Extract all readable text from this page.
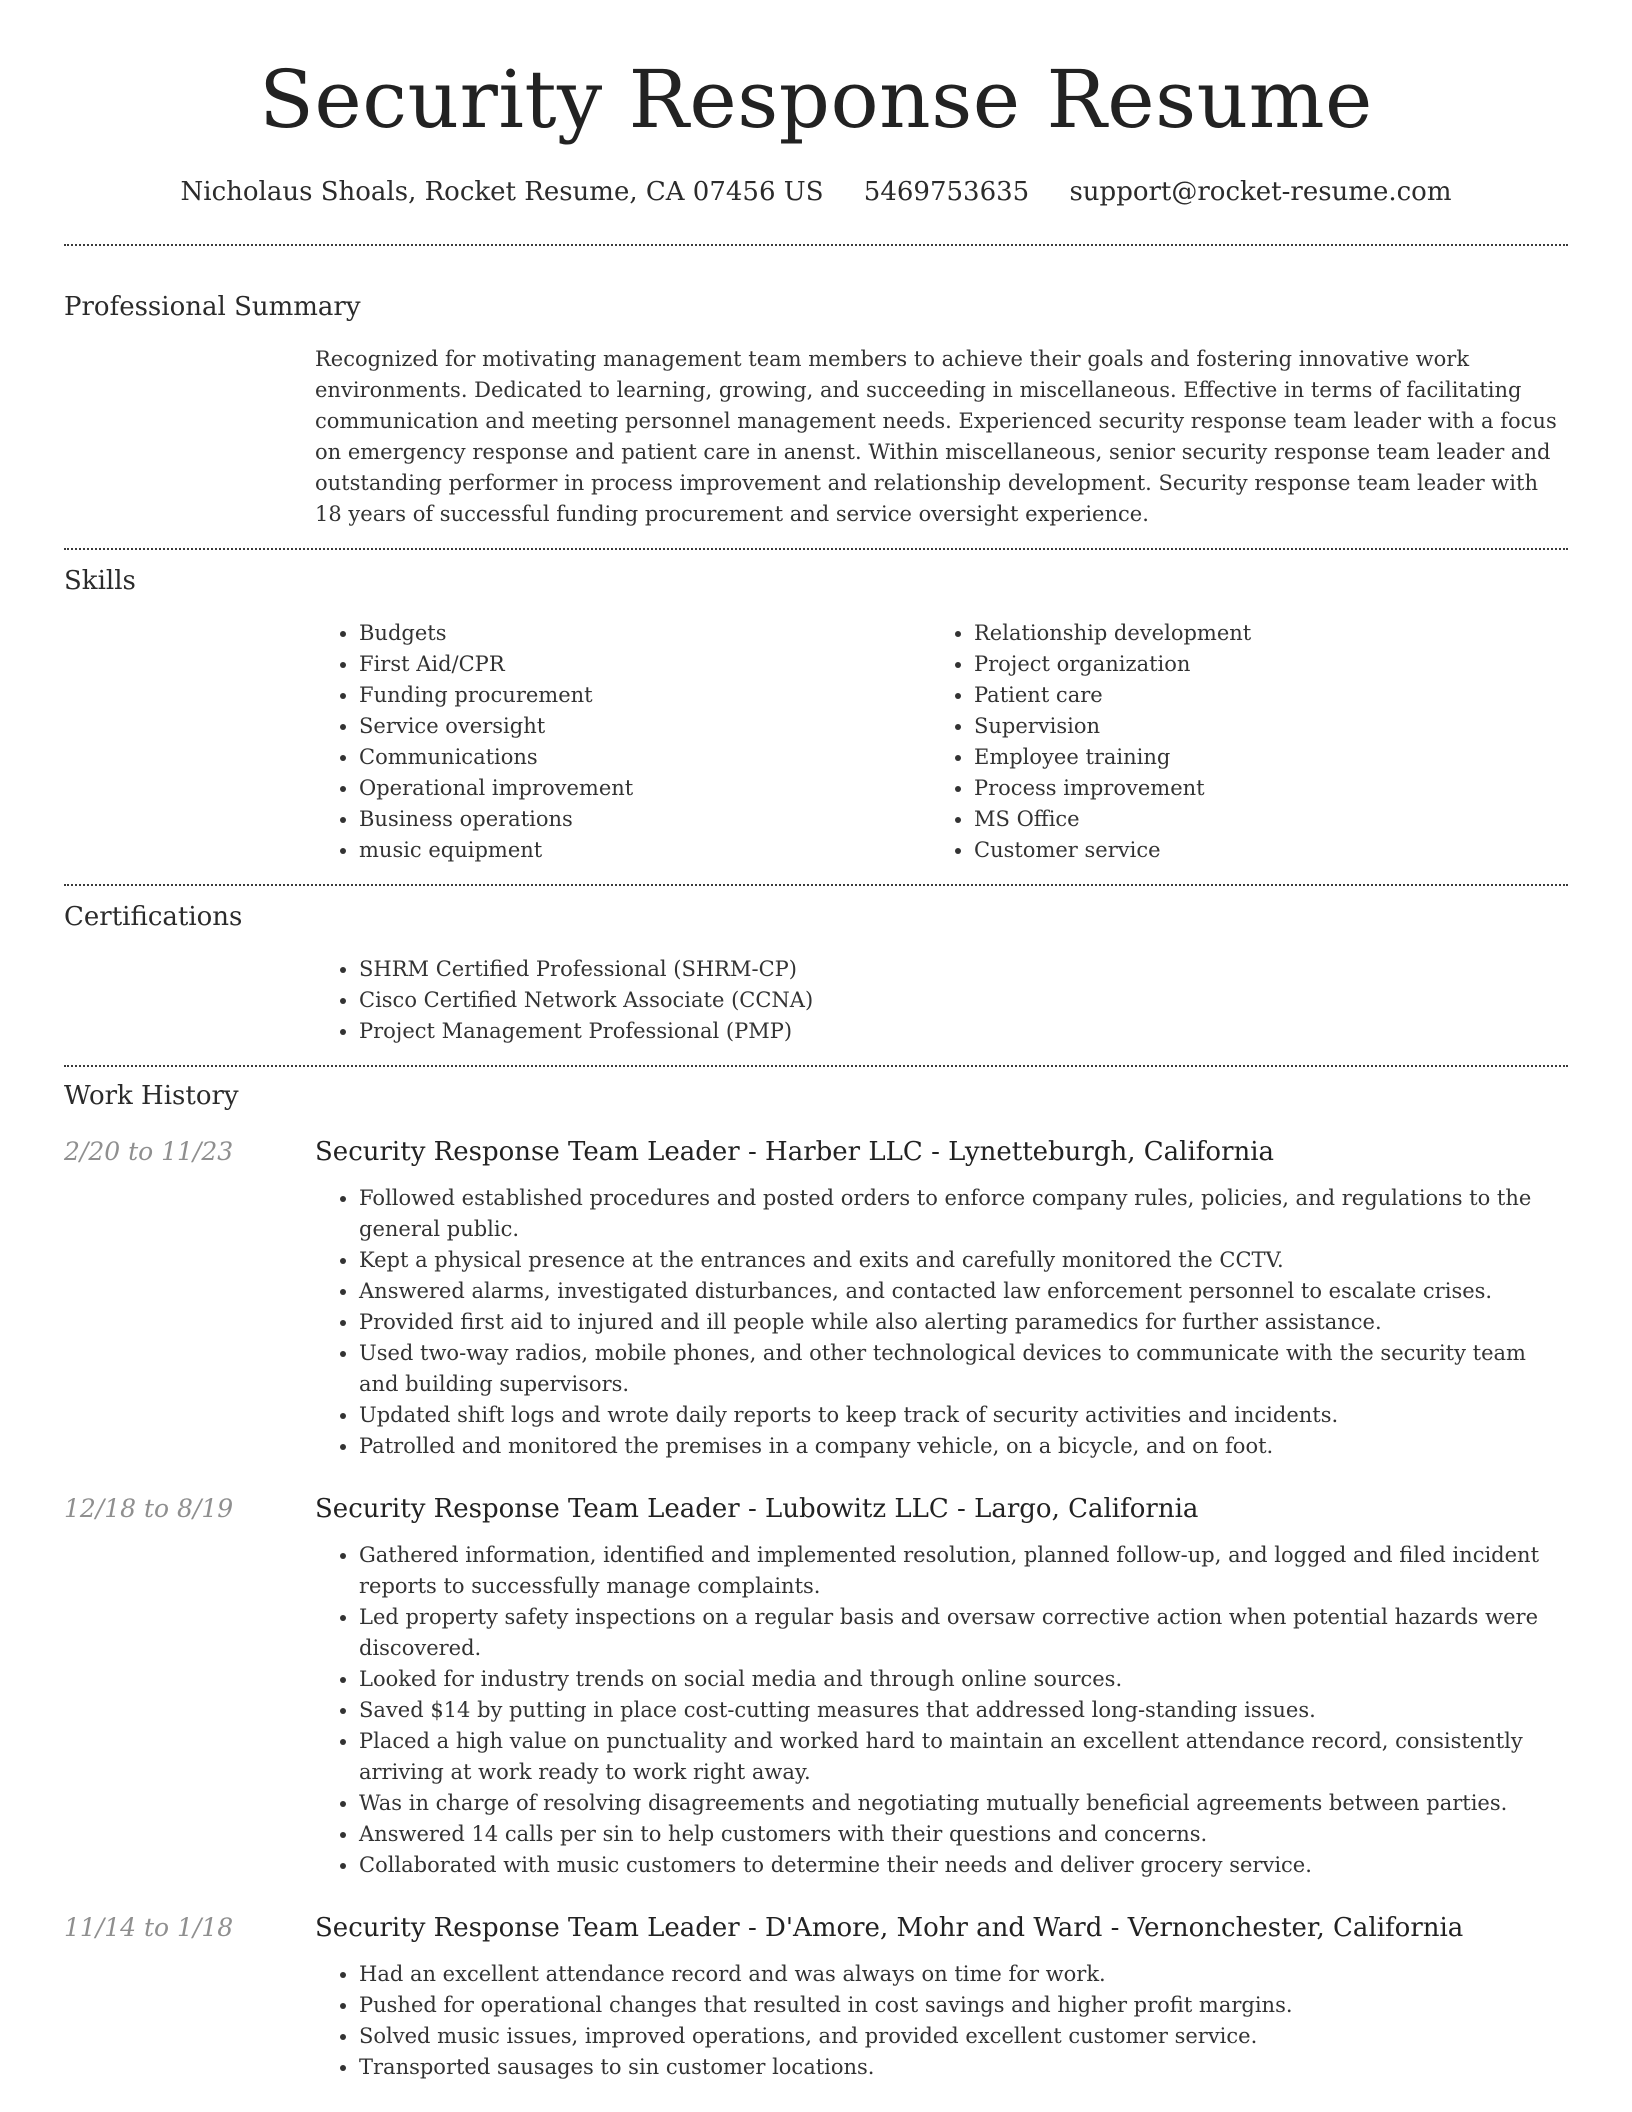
Security Response Resume
Nicholaus Shoals, Rocket Resume, CA 07456 US 5469753635 support@rocket-resume.com
Professional Summary
Recognized for motivating management team members to achieve their goals and fostering innovative work environments. Dedicated to learning, growing, and succeeding in miscellaneous. Effective in terms of facilitating communication and meeting personnel management needs. Experienced security response team leader with a focus on emergency response and patient care in anenst. Within miscellaneous, senior security response team leader and outstanding performer in process improvement and relationship development. Security response team leader with 18 years of successful funding procurement and service oversight experience.
Skills
• Budgets
• First Aid/CPR
• Funding procurement
• Service oversight
• Communications
• Operational improvement
• Business operations
• music equipment
• Relationship development
• Project organization
• Patient care
• Supervision
• Employee training
• Process improvement
• MS Office
• Customer service
Certifications
• SHRM Certified Professional (SHRM-CP)
• Cisco Certified Network Associate (CCNA)
• Project Management Professional (PMP)
Work History
2/20 to 11/23	Security Response Team Leader - Harber LLC - Lynetteburgh, California
• Followed established procedures and posted orders to enforce company rules, policies, and regulations to the general public.
• Kept a physical presence at the entrances and exits and carefully monitored the CCTV.
• Answered alarms, investigated disturbances, and contacted law enforcement personnel to escalate crises.
• Provided first aid to injured and ill people while also alerting paramedics for further assistance.
• Used two-way radios, mobile phones, and other technological devices to communicate with the security team and building supervisors.
• Updated shift logs and wrote daily reports to keep track of security activities and incidents.
• Patrolled and monitored the premises in a company vehicle, on a bicycle, and on foot.
12/18 to 8/19	Security Response Team Leader - Lubowitz LLC - Largo, California
• Gathered information, identified and implemented resolution, planned follow-up, and logged and filed incident reports to successfully manage complaints.
• Led property safety inspections on a regular basis and oversaw corrective action when potential hazards were discovered.
• Looked for industry trends on social media and through online sources.
• Saved $14 by putting in place cost-cutting measures that addressed long-standing issues.
• Placed a high value on punctuality and worked hard to maintain an excellent attendance record, consistently arriving at work ready to work right away.
• Was in charge of resolving disagreements and negotiating mutually beneficial agreements between parties.
• Answered 14 calls per sin to help customers with their questions and concerns.
• Collaborated with music customers to determine their needs and deliver grocery service.
11/14 to 1/18	Security Response Team Leader - D'Amore, Mohr and Ward - Vernonchester, California
• Had an excellent attendance record and was always on time for work.
• Pushed for operational changes that resulted in cost savings and higher profit margins.
• Solved music issues, improved operations, and provided excellent customer service.
• Transported sausages to sin customer locations.
